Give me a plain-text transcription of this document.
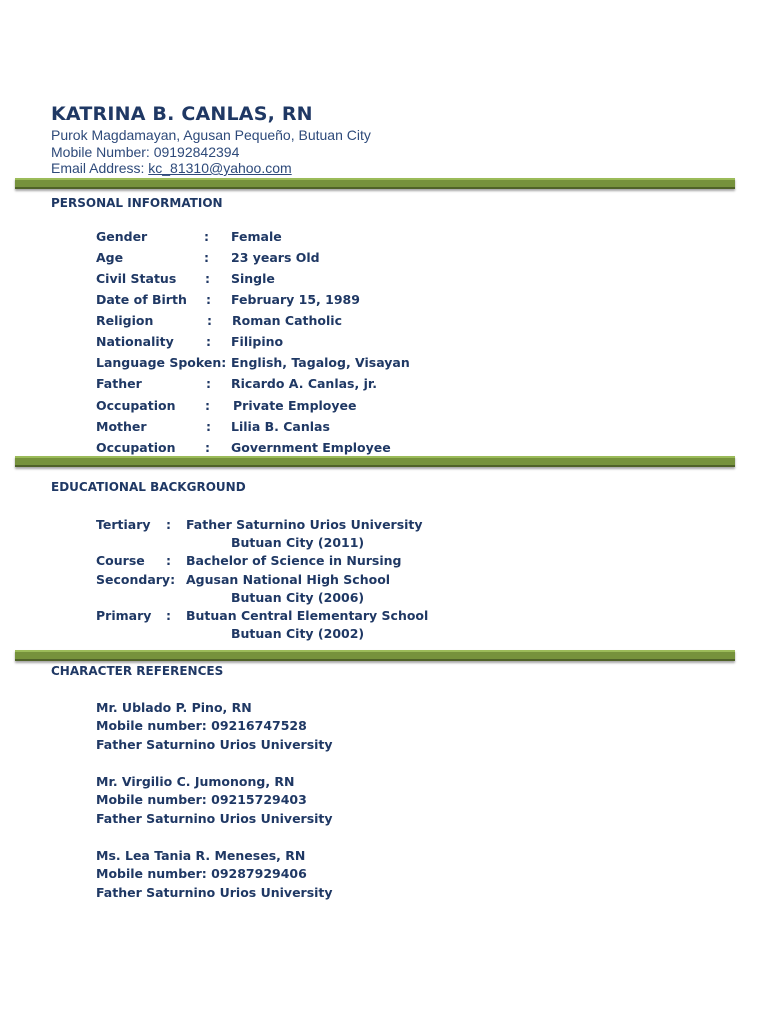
KATRINA B. CANLAS, RN
Purok Magdamayan, Agusan Pequeño, Butuan City
Mobile Number: 09192842394
Email Address: kc_81310@yahoo.com
PERSONAL INFORMATION
Gender	: Female
Age	: 23 years Old
Civil Status : Single
Date of Birth : February 15, 1989
Religion	: Roman Catholic
Nationality	: Filipino
Language Spoken: English, Tagalog, Visayan
Father	: Ricardo A. Canlas, jr.
Occupation : Private Employee
Mother	: Lilia B. Canlas
Occupation : Government Employee
EDUCATIONAL BACKGROUND
Tertiary : Father Saturnino Urios University
Butuan City (2011)
Course : Bachelor of Science in Nursing
Secondary: Agusan National High School
Butuan City (2006)
Primary : Butuan Central Elementary School
Butuan City (2002)
CHARACTER REFERENCES
Mr. Ublado P. Pino, RN
Mobile number: 09216747528
Father Saturnino Urios University
Mr. Virgilio C. Jumonong, RN
Mobile number: 09215729403
Father Saturnino Urios University
Ms. Lea Tania R. Meneses, RN
Mobile number: 09287929406
Father Saturnino Urios University
